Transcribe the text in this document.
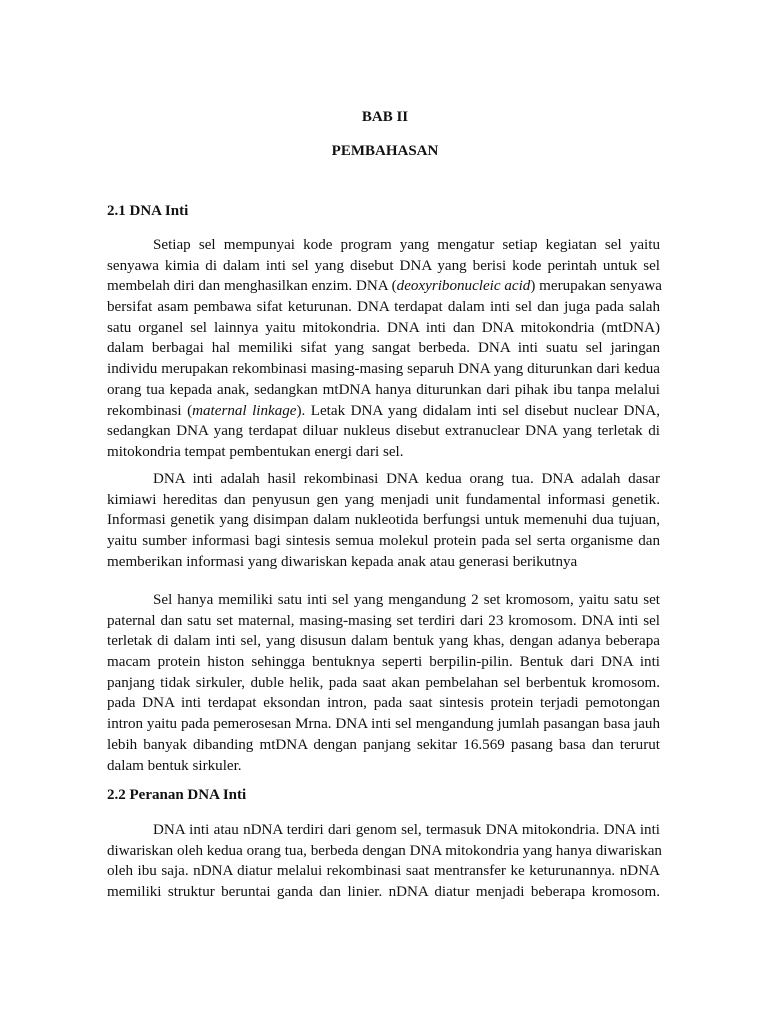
BAB II
PEMBAHASAN
2.1 DNA Inti
Setiap sel mempunyai kode program yang mengatur setiap kegiatan sel yaitu
senyawa kimia di dalam inti sel yang disebut DNA yang berisi kode perintah untuk sel
membelah diri dan menghasilkan enzim. DNA (deoxyribonucleic acid) merupakan senyawa
bersifat asam pembawa sifat keturunan. DNA terdapat dalam inti sel dan juga pada salah
satu organel sel lainnya yaitu mitokondria. DNA inti dan DNA mitokondria (mtDNA)
dalam berbagai hal memiliki sifat yang sangat berbeda. DNA inti suatu sel jaringan
individu merupakan rekombinasi masing-masing separuh DNA yang diturunkan dari kedua
orang tua kepada anak, sedangkan mtDNA hanya diturunkan dari pihak ibu tanpa melalui
rekombinasi (maternal linkage). Letak DNA yang didalam inti sel disebut nuclear DNA,
sedangkan DNA yang terdapat diluar nukleus disebut extranuclear DNA yang terletak di
mitokondria tempat pembentukan energi dari sel.
DNA inti adalah hasil rekombinasi DNA kedua orang tua. DNA adalah dasar
kimiawi hereditas dan penyusun gen yang menjadi unit fundamental informasi genetik.
Informasi genetik yang disimpan dalam nukleotida berfungsi untuk memenuhi dua tujuan,
yaitu sumber informasi bagi sintesis semua molekul protein pada sel serta organisme dan
memberikan informasi yang diwariskan kepada anak atau generasi berikutnya
Sel hanya memiliki satu inti sel yang mengandung 2 set kromosom, yaitu satu set
paternal dan satu set maternal, masing-masing set terdiri dari 23 kromosom. DNA inti sel
terletak di dalam inti sel, yang disusun dalam bentuk yang khas, dengan adanya beberapa
macam protein histon sehingga bentuknya seperti berpilin-pilin. Bentuk dari DNA inti
panjang tidak sirkuler, duble helik, pada saat akan pembelahan sel berbentuk kromosom.
pada DNA inti terdapat eksondan intron, pada saat sintesis protein terjadi pemotongan
intron yaitu pada pemerosesan Mrna. DNA inti sel mengandung jumlah pasangan basa jauh
lebih banyak dibanding mtDNA dengan panjang sekitar 16.569 pasang basa dan terurut
dalam bentuk sirkuler.
2.2 Peranan DNA Inti
DNA inti atau nDNA terdiri dari genom sel, termasuk DNA mitokondria. DNA inti
diwariskan oleh kedua orang tua, berbeda dengan DNA mitokondria yang hanya diwariskan
oleh ibu saja. nDNA diatur melalui rekombinasi saat mentransfer ke keturunannya. nDNA
memiliki struktur beruntai ganda dan linier. nDNA diatur menjadi beberapa kromosom.
